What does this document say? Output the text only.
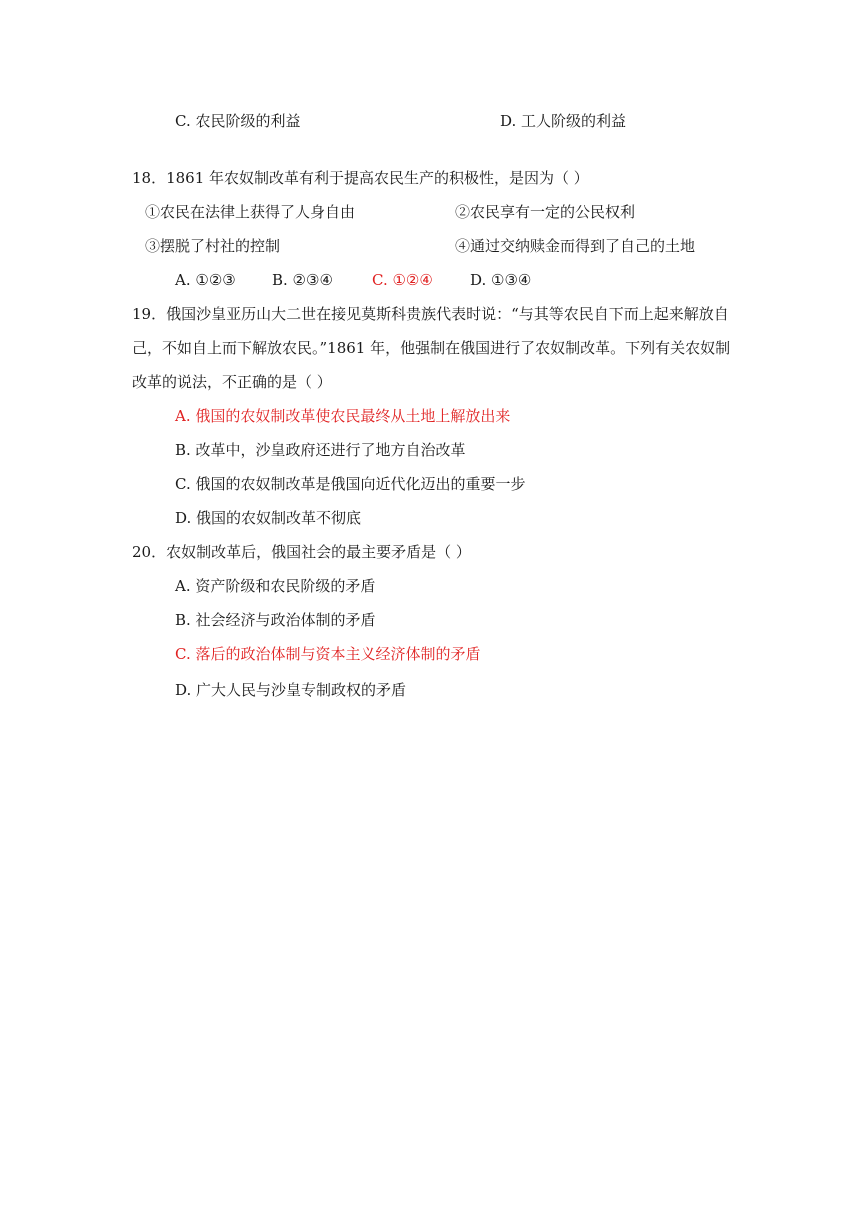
C. 农民阶级的利益	D. 工人阶级的利益
18．1861 年农奴制改革有利于提高农民生产的积极性，是因为（ ）
①农民在法律上获得了人身自由	②农民享有一定的公民权利
③摆脱了村社的控制	④通过交纳赎金而得到了自己的土地
A. ①②③ B. ②③④	C. ①②④ D. ①③④
19．俄国沙皇亚历山大二世在接见莫斯科贵族代表时说：“与其等农民自下而上起来解放自
己，不如自上而下解放农民。”1861 年，他强制在俄国进行了农奴制改革。下列有关农奴制
改革的说法，不正确的是（ ）
A. 俄国的农奴制改革使农民最终从土地上解放出来
B. 改革中，沙皇政府还进行了地方自治改革
C. 俄国的农奴制改革是俄国向近代化迈出的重要一步
D. 俄国的农奴制改革不彻底
20．农奴制改革后，俄国社会的最主要矛盾是（ ）
A. 资产阶级和农民阶级的矛盾
B. 社会经济与政治体制的矛盾
C. 落后的政治体制与资本主义经济体制的矛盾
D. 广大人民与沙皇专制政权的矛盾
